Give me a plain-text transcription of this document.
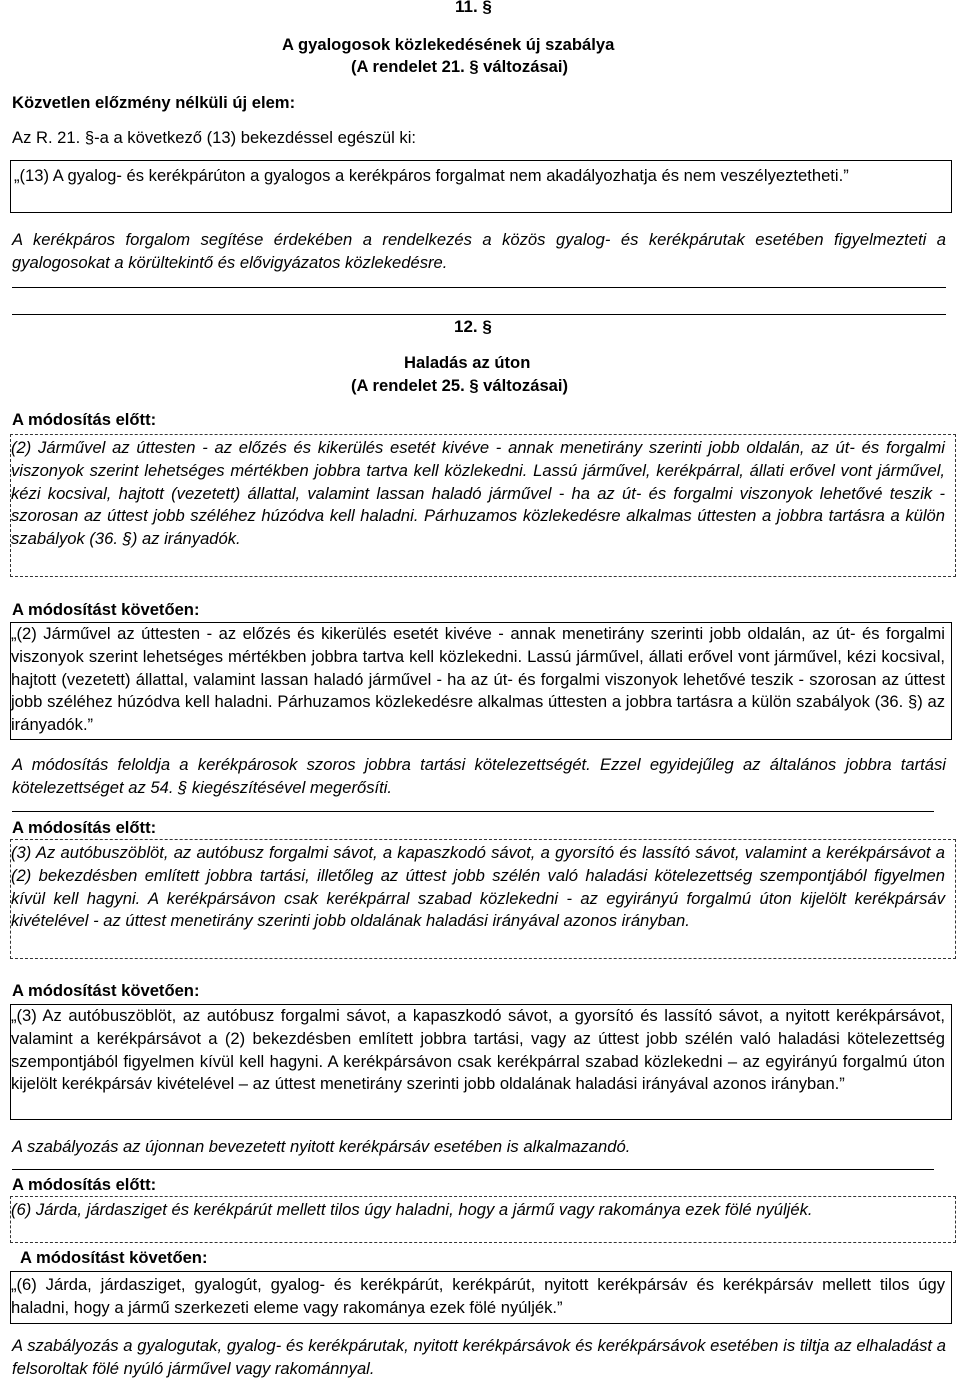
11. §
A gyalogosok közlekedésének új szabálya
(A rendelet 21. § változásai)
Közvetlen előzmény nélküli új elem:
Az R. 21. §-a a következő (13) bekezdéssel egészül ki:

„(13) A gyalog- és kerékpárúton a gyalogos a kerékpáros forgalmat nem akadályozhatja és nem veszélyeztetheti.”

A kerékpáros forgalom segítése érdekében a rendelkezés a közös gyalog- és kerékpárutak esetében figyelmezteti a gyalogosokat a körültekintő és elővigyázatos közlekedésre.

12. §
Haladás az úton
(A rendelet 25. § változásai)
A módosítás előtt:

(2) Járművel az úttesten - az előzés és kikerülés esetét kivéve - annak menetirány szerinti jobb oldalán, az út- és forgalmi viszonyok szerint lehetséges mértékben jobbra tartva kell közlekedni. Lassú járművel, kerékpárral, állati erővel vont járművel, kézi kocsival, hajtott (vezetett) állattal, valamint lassan haladó járművel - ha az út- és forgalmi viszonyok lehetővé teszik - szorosan az úttest jobb széléhez húzódva kell haladni. Párhuzamos közlekedésre alkalmas úttesten a jobbra tartásra a külön szabályok (36. §) az irányadók.

A módosítást követően:

„(2) Járművel az úttesten - az előzés és kikerülés esetét kivéve - annak menetirány szerinti jobb oldalán, az út- és forgalmi viszonyok szerint lehetséges mértékben jobbra tartva kell közlekedni. Lassú járművel, állati erővel vont járművel, kézi kocsival, hajtott (vezetett) állattal, valamint lassan haladó járművel - ha az út- és forgalmi viszonyok lehetővé teszik - szorosan az úttest jobb széléhez húzódva kell haladni. Párhuzamos közlekedésre alkalmas úttesten a jobbra tartásra a külön szabályok (36. §) az irányadók.”

A módosítás feloldja a kerékpárosok szoros jobbra tartási kötelezettségét. Ezzel egyidejűleg az általános jobbra tartási kötelezettséget az 54. § kiegészítésével megerősíti.

A módosítás előtt:

(3) Az autóbuszöblöt, az autóbusz forgalmi sávot, a kapaszkodó sávot, a gyorsító és lassító sávot, valamint a kerékpársávot a (2) bekezdésben említett jobbra tartási, illetőleg az úttest jobb szélén való haladási kötelezettség szempontjából figyelmen kívül kell hagyni. A kerékpársávon csak kerékpárral szabad közlekedni - az egyirányú forgalmú úton kijelölt kerékpársáv kivételével - az úttest menetirány szerinti jobb oldalának haladási irányával azonos irányban.

A módosítást követően:

„(3) Az autóbuszöblöt, az autóbusz forgalmi sávot, a kapaszkodó sávot, a gyorsító és lassító sávot, a nyitott kerékpársávot, valamint a kerékpársávot a (2) bekezdésben említett jobbra tartási, vagy az úttest jobb szélén való haladási kötelezettség szempontjából figyelmen kívül kell hagyni. A kerékpársávon csak kerékpárral szabad közlekedni – az egyirányú forgalmú úton kijelölt kerékpársáv kivételével – az úttest menetirány szerinti jobb oldalának haladási irányával azonos irányban.”

A szabályozás az újonnan bevezetett nyitott kerékpársáv esetében is alkalmazandó.

A módosítás előtt:

(6) Járda, járdasziget és kerékpárút mellett tilos úgy haladni, hogy a jármű vagy rakománya ezek fölé nyúljék.

A módosítást követően:

„(6) Járda, járdasziget, gyalogút, gyalog- és kerékpárút, kerékpárút, nyitott kerékpársáv és kerékpársáv mellett tilos úgy haladni, hogy a jármű szerkezeti eleme vagy rakománya ezek fölé nyúljék.”

A szabályozás a gyalogutak, gyalog- és kerékpárutak, nyitott kerékpársávok és kerékpársávok esetében is tiltja az elhaladást a felsoroltak fölé nyúló járművel vagy rakománnyal.
